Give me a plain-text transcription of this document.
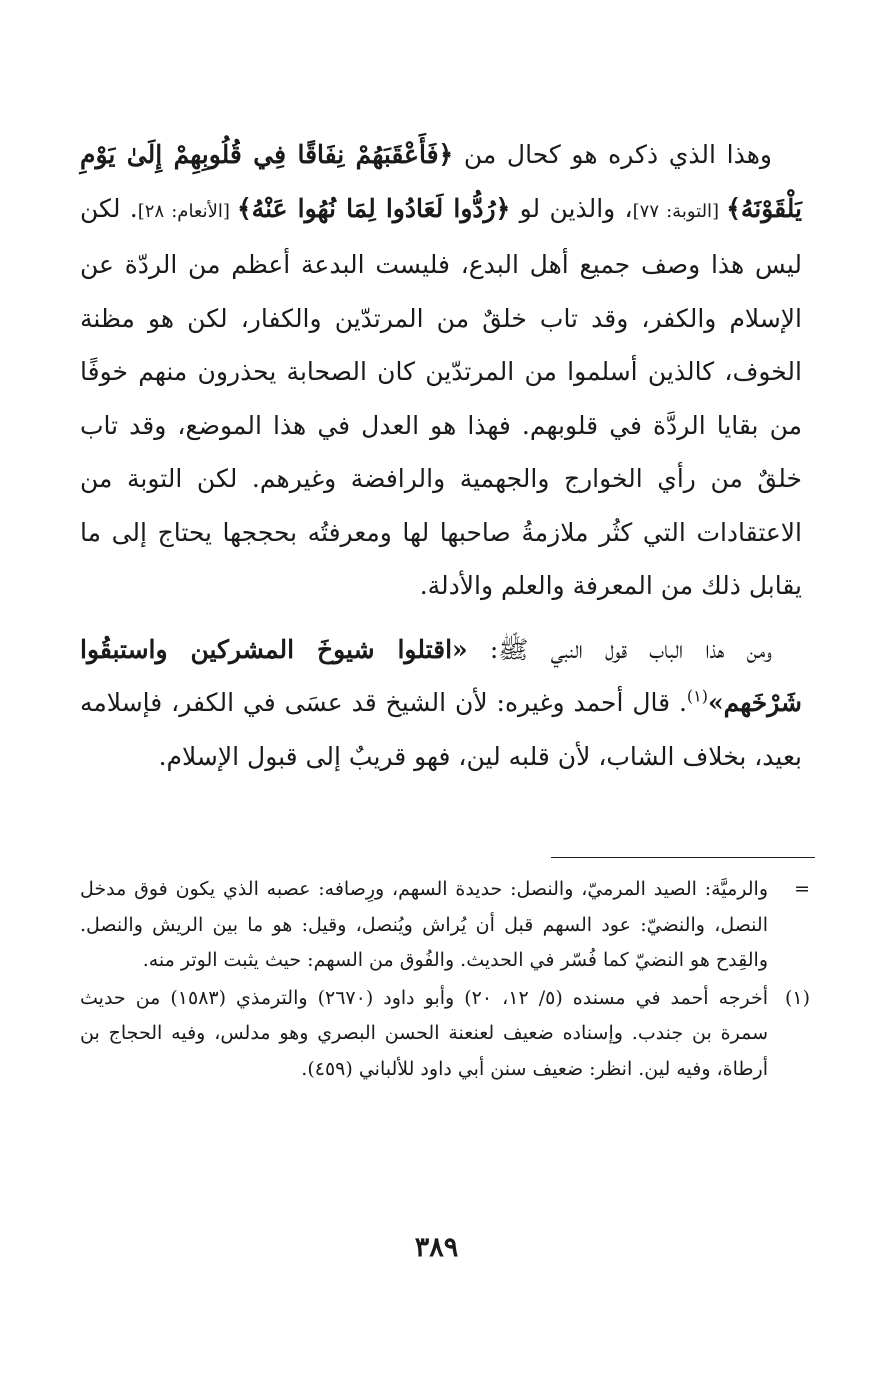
وهذا الذي ذكره هو كحال من ﴿فَأَعْقَبَهُمْ نِفَاقًا فِي قُلُوبِهِمْ إِلَىٰ يَوْمِ يَلْقَوْنَهُ﴾ [التوبة: ٧٧]، والذين لو ﴿رُدُّوا لَعَادُوا لِمَا نُهُوا عَنْهُ﴾ [الأنعام: ٢٨]. لكن ليس هذا وصف جميع أهل البدع، فليست البدعة أعظم من الردّة عن الإسلام والكفر، وقد تاب خلقٌ من المرتدّين والكفار، لكن هو مظنة الخوف، كالذين أسلموا من المرتدّين كان الصحابة يحذرون منهم خوفًا من بقايا الردَّة في قلوبهم. فهذا هو العدل في هذا الموضع، وقد تاب خلقٌ من رأي الخوارج والجهمية والرافضة وغيرهم. لكن التوبة من الاعتقادات التي كثُر ملازمةُ صاحبها لها ومعرفتُه بحججها يحتاج إلى ما يقابل ذلك من المعرفة والعلم والأدلة.

ومن هذا الباب قول النبي ﷺ: «اقتلوا شيوخَ المشركين واستبقُوا شَرْخَهم»$^{(١)}$. قال أحمد وغيره: لأن الشيخ قد عسَى في الكفر، فإسلامه بعيد، بخلاف الشاب، لأن قلبه لين، فهو قريبٌ إلى قبول الإسلام.

=
والرميَّة: الصيد المرميّ، والنصل: حديدة السهم، ورِصافه: عصبه الذي يكون فوق مدخل النصل، والنضيّ: عود السهم قبل أن يُراش ويُنصل، وقيل: هو ما بين الريش والنصل. والقِدح هو النضيّ كما فُسّر في الحديث. والفُوق من السهم: حيث يثبت الوتر منه.
(١)
أخرجه أحمد في مسنده (٥/ ١٢، ٢٠) وأبو داود (٢٦٧٠) والترمذي (١٥٨٣) من حديث سمرة بن جندب. وإسناده ضعيف لعنعنة الحسن البصري وهو مدلس، وفيه الحجاج بن أرطاة، وفيه لين. انظر: ضعيف سنن أبي داود للألباني (٤٥٩).
٣٨٩
